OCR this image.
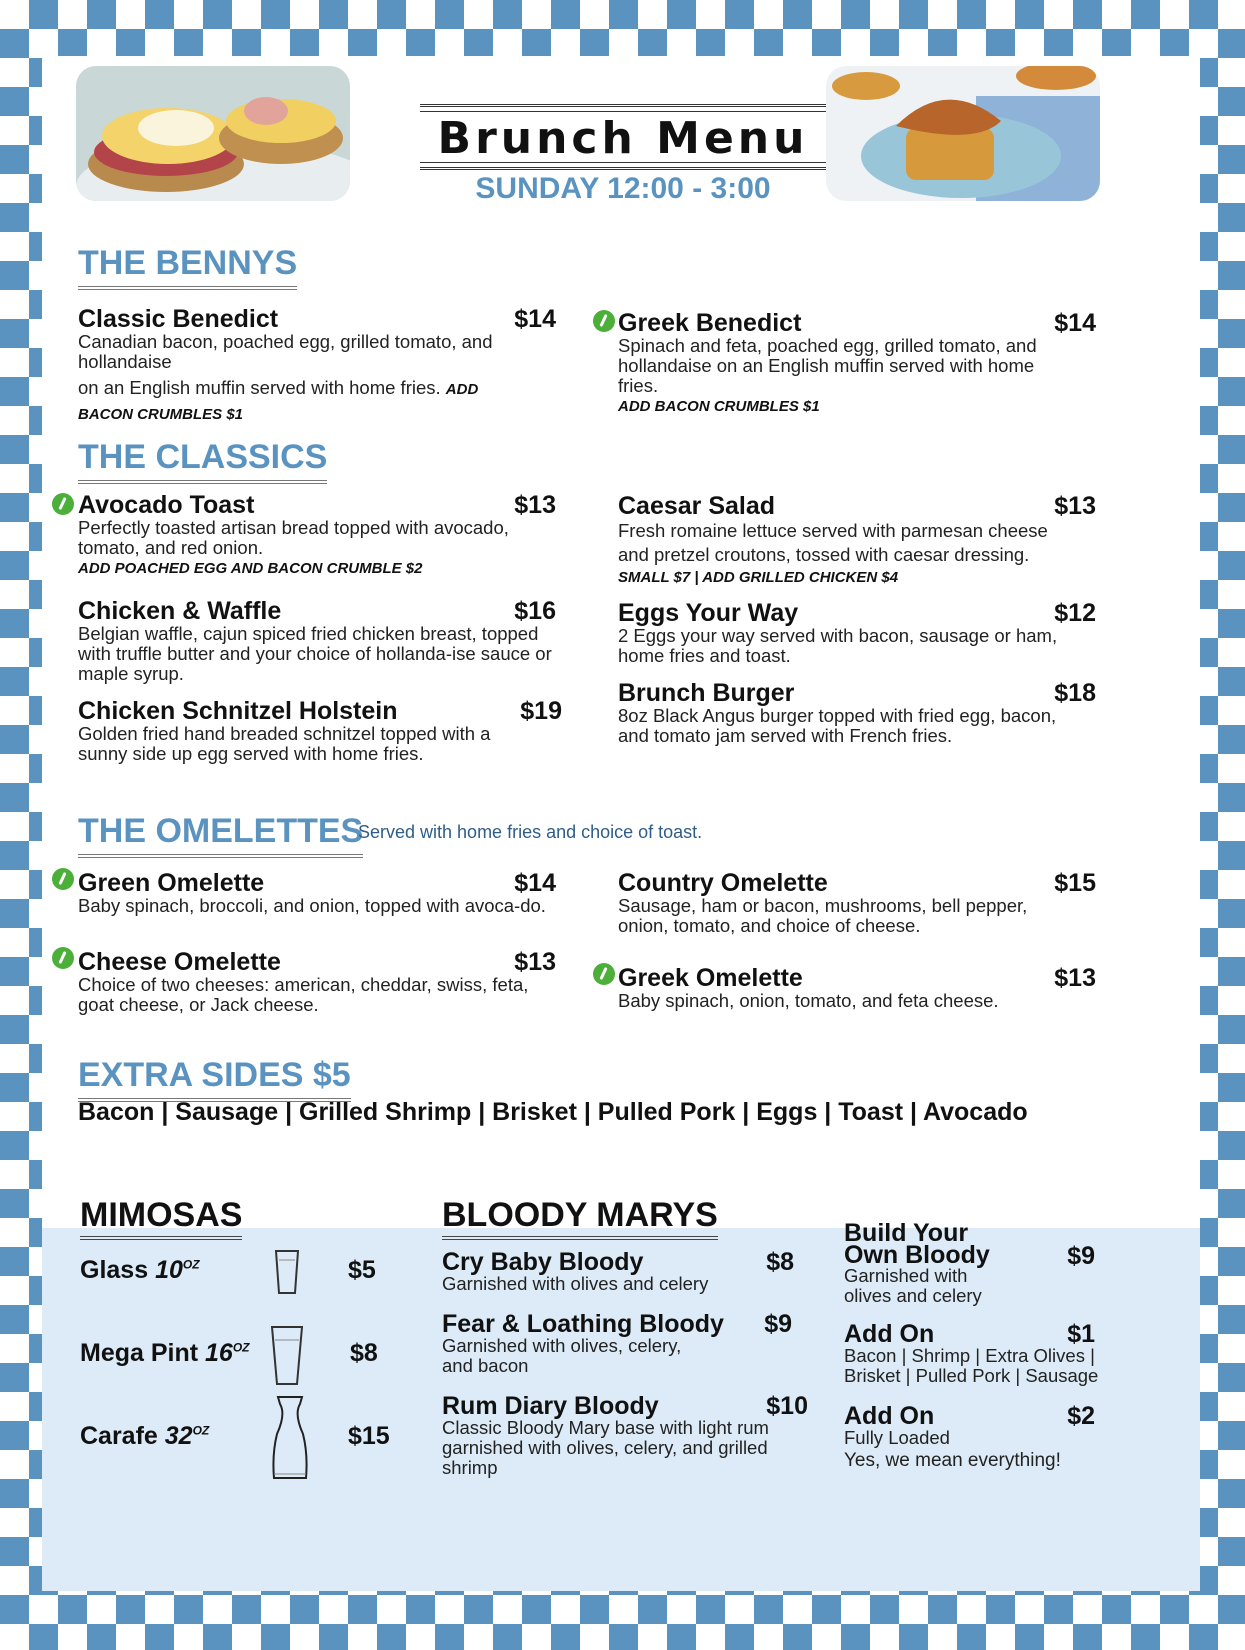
Brunch Menu
SUNDAY 12:00 - 3:00
THE BENNYS
Classic Benedict	$14
Canadian bacon, poached egg, grilled tomato, and hollandaise
on an English muffin served with home fries. ADD BACON CRUMBLES $1
Greek Benedict	$14
Spinach and feta, poached egg, grilled tomato, and hollandaise on an English muffin served with home fries.
ADD BACON CRUMBLES $1
THE CLASSICS
Avocado Toast	$13
Perfectly toasted artisan bread topped with avocado, tomato, and red onion.
ADD POACHED EGG AND BACON CRUMBLE $2
Caesar Salad	$13
Fresh romaine lettuce served with parmesan cheese and pretzel croutons, tossed with caesar dressing.
SMALL $7 | ADD GRILLED CHICKEN $4
Chicken & Waffle	$16
Belgian waffle, cajun spiced fried chicken breast, topped with truffle butter and your choice of hollanda-ise sauce or maple syrup.
Eggs Your Way	$12
2 Eggs your way served with bacon, sausage or ham, home fries and toast.
Chicken Schnitzel Holstein	$19
Golden fried hand breaded schnitzel topped with a sunny side up egg served with home fries.
Brunch Burger	$18
8oz Black Angus burger topped with fried egg, bacon, and tomato jam served with French fries.
THE OMELETTES
Served with home fries and choice of toast.
Green Omelette	$14
Baby spinach, broccoli, and onion, topped with avoca-do.
Country Omelette	$15
Sausage, ham or bacon, mushrooms, bell pepper, onion, tomato, and choice of cheese.
Cheese Omelette	$13
Choice of two cheeses: american, cheddar, swiss, feta, goat cheese, or Jack cheese.
Greek Omelette	$13
Baby spinach, onion, tomato, and feta cheese.
EXTRA SIDES $5
Bacon | Sausage | Grilled Shrimp | Brisket | Pulled Pork | Eggs | Toast | Avocado
MIMOSAS
Glass $10^{OZ}$	$5
Mega Pint $16^{OZ}$	$8
Carafe $32^{OZ}$	$15
BLOODY MARYS
Cry Baby Bloody	$8
Garnished with olives and celery
Fear & Loathing Bloody	$9
Garnished with olives, celery, and bacon
Rum Diary Bloody	$10
Classic Bloody Mary base with light rum garnished with olives, celery, and grilled shrimp
Build Your Own Bloody	$9
Garnished with olives and celery
Add On	$1
Bacon | Shrimp | Extra Olives | Brisket | Pulled Pork | Sausage
Add On	$2
Fully Loaded
Yes, we mean everything!
